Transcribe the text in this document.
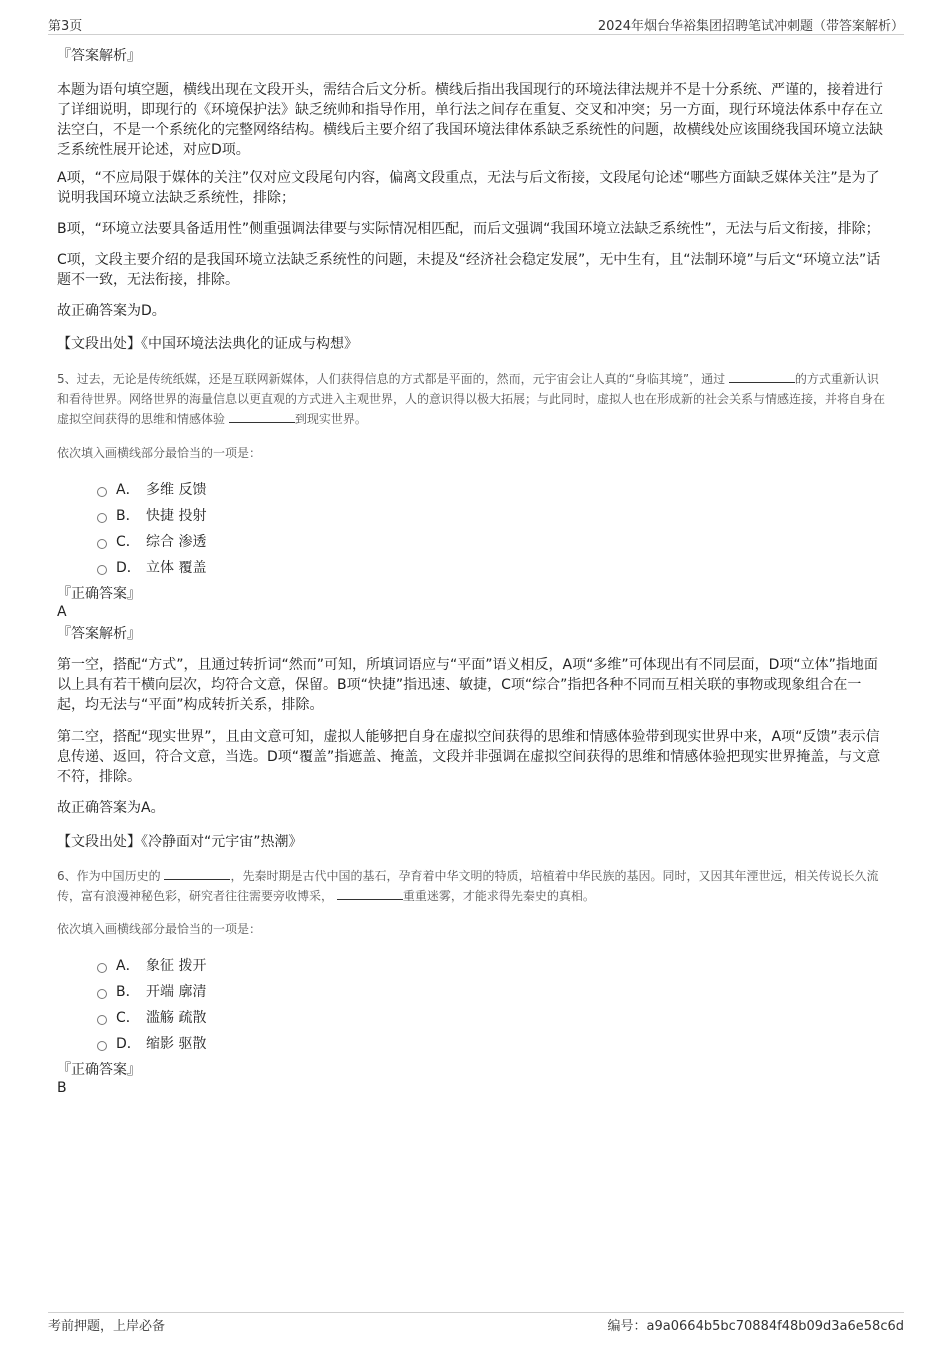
第3页	2024年烟台华裕集团招聘笔试冲刺题（带答案解析）

『答案解析』

本题为语句填空题，横线出现在文段开头，需结合后文分析。横线后指出我国现行的环境法律法规并不是十分系统、严谨的，接着进行了详细说明，即现行的《环境保护法》缺乏统帅和指导作用，单行法之间存在重复、交叉和冲突；另一方面，现行环境法体系中存在立法空白，不是一个系统化的完整网络结构。横线后主要介绍了我国环境法律体系缺乏系统性的问题，故横线处应该围绕我国环境立法缺乏系统性展开论述，对应D项。

A项，“不应局限于媒体的关注”仅对应文段尾句内容，偏离文段重点，无法与后文衔接，文段尾句论述“哪些方面缺乏媒体关注”是为了说明我国环境立法缺乏系统性，排除；

B项，“环境立法要具备适用性”侧重强调法律要与实际情况相匹配，而后文强调“我国环境立法缺乏系统性”，无法与后文衔接，排除；

C项，文段主要介绍的是我国环境立法缺乏系统性的问题，未提及“经济社会稳定发展”，无中生有，且“法制环境”与后文“环境立法”话题不一致，无法衔接，排除。

故正确答案为D。

【文段出处】《中国环境法法典化的证成与构想》

5、过去，无论是传统纸媒，还是互联网新媒体，人们获得信息的方式都是平面的，然而，元宇宙会让人真的“身临其境”，通过	的方式重新认识和看待世界。网络世界的海量信息以更直观的方式进入主观世界，人的意识得以极大拓展；与此同时，虚拟人也在形成新的社会关系与情感连接，并将自身在虚拟空间获得的思维和情感体验	到现实世界。

依次填入画横线部分最恰当的一项是：

A． 多维 反馈
B． 快捷 投射
C． 综合 渗透
D． 立体 覆盖

『正确答案』

A

『答案解析』

第一空，搭配“方式”，且通过转折词“然而”可知，所填词语应与“平面”语义相反，A项“多维”可体现出有不同层面，D项“立体”指地面以上具有若干横向层次，均符合文意，保留。B项“快捷”指迅速、敏捷，C项“综合”指把各种不同而互相关联的事物或现象组合在一起，均无法与“平面”构成转折关系，排除。

第二空，搭配“现实世界”，且由文意可知，虚拟人能够把自身在虚拟空间获得的思维和情感体验带到现实世界中来，A项“反馈”表示信息传递、返回，符合文意，当选。D项“覆盖”指遮盖、掩盖，文段并非强调在虚拟空间获得的思维和情感体验把现实世界掩盖，与文意不符，排除。

故正确答案为A。

【文段出处】《冷静面对“元宇宙”热潮》

6、作为中国历史的	，先秦时期是古代中国的基石，孕育着中华文明的特质，培植着中华民族的基因。同时，又因其年湮世远，相关传说长久流传，富有浪漫神秘色彩，研究者往往需要旁收博采，	重重迷雾，才能求得先秦史的真相。

依次填入画横线部分最恰当的一项是：

A． 象征 拨开
B． 开端 廓清
C． 滥觞 疏散
D． 缩影 驱散

『正确答案』

B

考前押题，上岸必备	编号：a9a0664b5bc70884f48b09d3a6e58c6d
